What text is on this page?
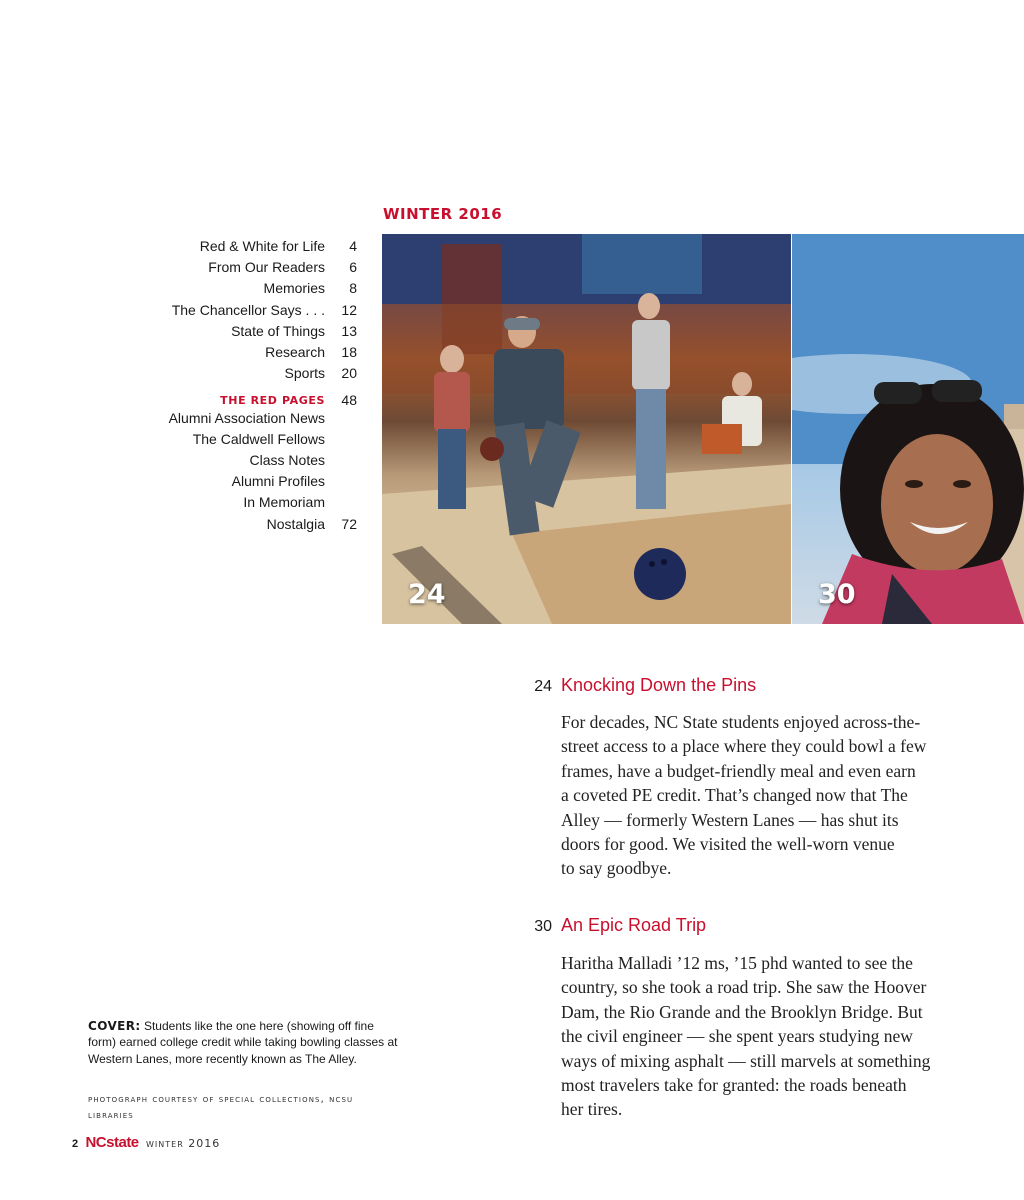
WINTER 2016
Red & White for Life	4
From Our Readers	6
Memories	8
The Chancellor Says . . .	12
State of Things	13
Research	18
Sports	20
THE RED PAGES	48
Alumni Association News
The Caldwell Fellows
Class Notes
Alumni Profiles
In Memoriam
Nostalgia	72
24	30
24 Knocking Down the Pins
For decades, NC State students enjoyed across-the-
street access to a place where they could bowl a few
frames, have a budget-friendly meal and even earn
a coveted PE credit. That’s changed now that The
Alley — formerly Western Lanes — has shut its
doors for good. We visited the well-worn venue
to say goodbye.
30 An Epic Road Trip
Haritha Malladi ’12 ms, ’15 phd wanted to see the
country, so she took a road trip. She saw the Hoover
Dam, the Rio Grande and the Brooklyn Bridge. But
the civil engineer — she spent years studying new
ways of mixing asphalt — still marvels at something
most travelers take for granted: the roads beneath
her tires.
COVER: Students like the one here (showing off fine form) earned college credit while taking bowling classes at Western Lanes, more recently known as The Alley.
photograph courtesy of special collections, ncsu libraries
2 NCstate winter 2016
